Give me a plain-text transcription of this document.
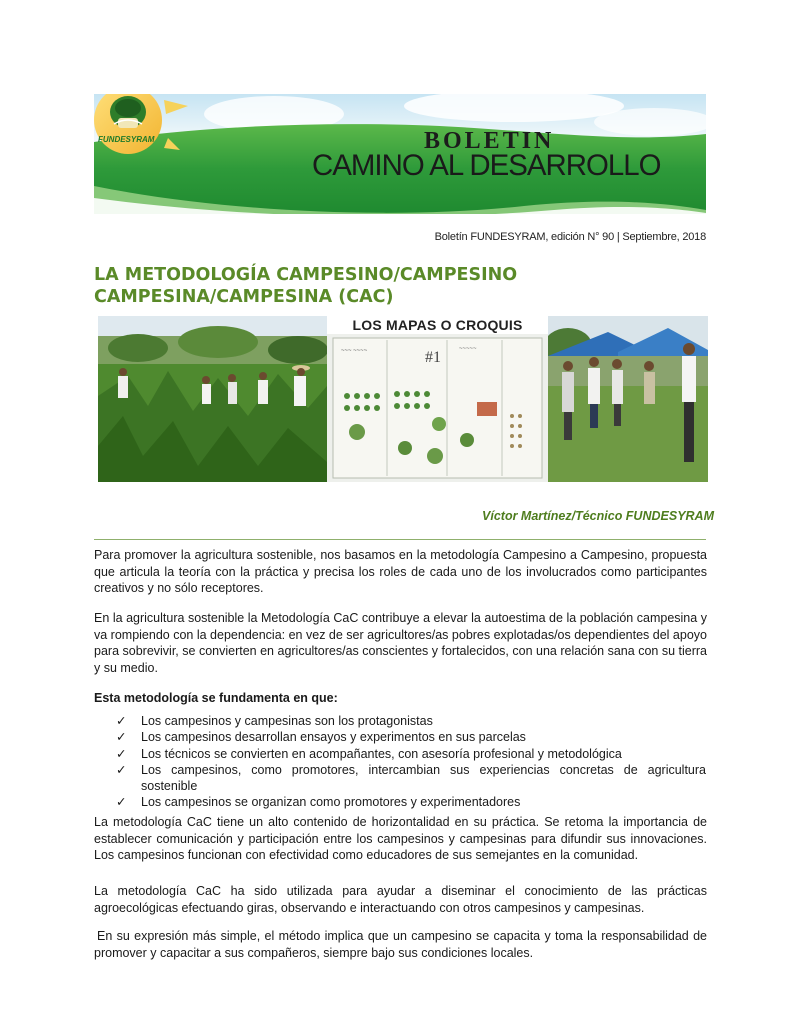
FUNDESYRAM	BOLETIN
CAMINO AL DESARROLLO
Boletín FUNDESYRAM, edición N° 90 | Septiembre, 2018
LA METODOLOGÍA CAMPESINO/CAMPESINO
CAMPESINA/CAMPESINA (CAC)
~~~ ~~~~	#1	~~~~~
LOS MAPAS O CROQUIS
Víctor Martínez/Técnico FUNDESYRAM

Para promover la agricultura sostenible, nos basamos en la metodología Campesino a Campesino, propuesta que articula la teoría con la práctica y precisa los roles de cada uno de los involucrados como participantes creativos y no sólo receptores.

En la agricultura sostenible la Metodología CaC contribuye a elevar la autoestima de la población campesina y va rompiendo con la dependencia: en vez de ser agricultores/as pobres explotadas/os dependientes del apoyo para sobrevivir, se convierten en agricultores/as conscientes y fortalecidos, con una relación sana con su tierra y su medio.

Esta metodología se fundamenta en que:

✓ Los campesinos y campesinas son los protagonistas
✓ Los campesinos desarrollan ensayos y experimentos en sus parcelas
✓ Los técnicos se convierten en acompañantes, con asesoría profesional y metodológica
✓ Los campesinos, como promotores, intercambian sus experiencias concretas de agricultura sostenible
✓ Los campesinos se organizan como promotores y experimentadores

La metodología CaC tiene un alto contenido de horizontalidad en su práctica. Se retoma la importancia de establecer comunicación y participación entre los campesinos y campesinas para difundir sus innovaciones. Los campesinos funcionan con efectividad como educadores de sus semejantes en la comunidad.

La metodología CaC ha sido utilizada para ayudar a diseminar el conocimiento de las prácticas agroecológicas efectuando giras, observando e interactuando con otros campesinos y campesinas.

En su expresión más simple, el método implica que un campesino se capacita y toma la responsabilidad de promover y capacitar a sus compañeros, siempre bajo sus condiciones locales.
